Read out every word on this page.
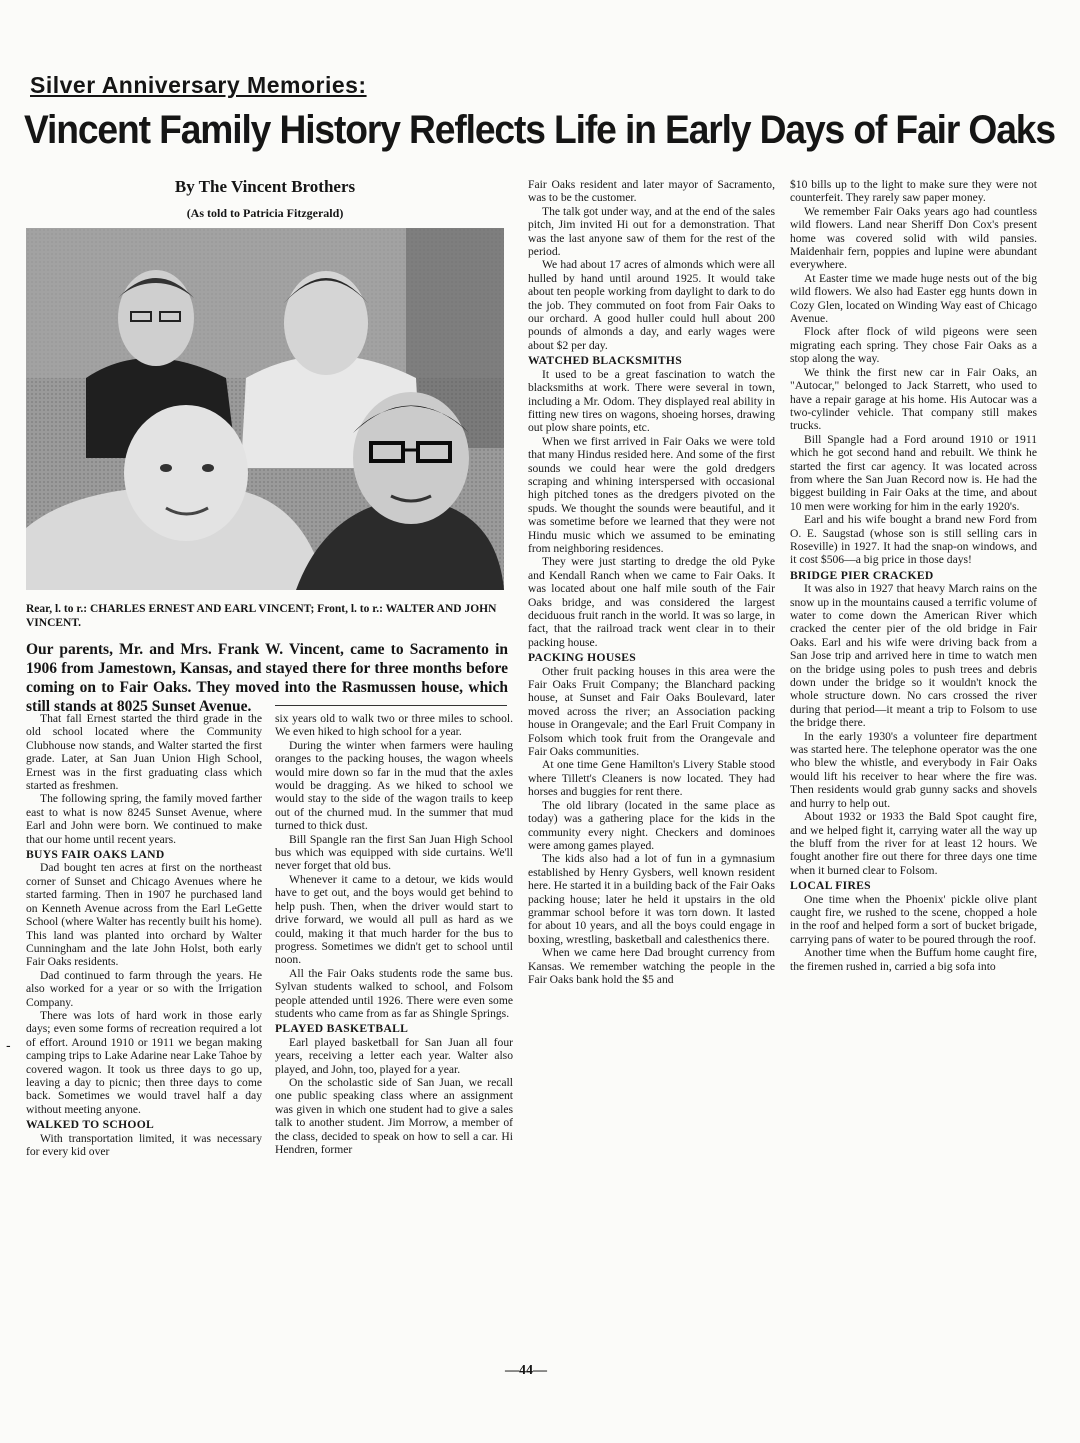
Silver Anniversary Memories:
Vincent Family History Reflects Life in Early Days of Fair Oaks
By The Vincent Brothers
(As told to Patricia Fitzgerald)
Rear, l. to r.: CHARLES ERNEST AND EARL VINCENT; Front, l. to r.: WALTER AND JOHN VINCENT.

Our parents, Mr. and Mrs. Frank W. Vincent, came to Sacramento in 1906 from Jamestown, Kansas, and stayed there for three months before coming on to Fair Oaks. They moved into the Rasmussen house, which still stands at 8025 Sunset Avenue.

That fall Ernest started the third grade in the old school located where the Community Clubhouse now stands, and Walter started the first grade. Later, at San Juan Union High School, Ernest was in the first graduating class which started as freshmen.

The following spring, the family moved farther east to what is now 8245 Sunset Avenue, where Earl and John were born. We continued to make that our home until recent years.

BUYS FAIR OAKS LAND

Dad bought ten acres at first on the northeast corner of Sunset and Chicago Avenues where he started farming. Then in 1907 he purchased land on Kenneth Avenue across from the Earl LeGette School (where Walter has recently built his home). This land was planted into orchard by Walter Cunningham and the late John Holst, both early Fair Oaks residents.

Dad continued to farm through the years. He also worked for a year or so with the Irrigation Company.

There was lots of hard work in those early days; even some forms of recreation required a lot of effort. Around 1910 or 1911 we began making camping trips to Lake Adarine near Lake Tahoe by covered wagon. It took us three days to go up, leaving a day to picnic; then three days to come back. Sometimes we would travel half a day without meeting anyone.

WALKED TO SCHOOL

With transportation limited, it was necessary for every kid over

six years old to walk two or three miles to school. We even hiked to high school for a year.

During the winter when farmers were hauling oranges to the packing houses, the wagon wheels would mire down so far in the mud that the axles would be dragging. As we hiked to school we would stay to the side of the wagon trails to keep out of the churned mud. In the summer that mud turned to thick dust.

Bill Spangle ran the first San Juan High School bus which was equipped with side curtains. We'll never forget that old bus.

Whenever it came to a detour, we kids would have to get out, and the boys would get behind to help push. Then, when the driver would start to drive forward, we would all pull as hard as we could, making it that much harder for the bus to progress. Sometimes we didn't get to school until noon.

All the Fair Oaks students rode the same bus. Sylvan students walked to school, and Folsom people attended until 1926. There were even some students who came from as far as Shingle Springs.

PLAYED BASKETBALL

Earl played basketball for San Juan all four years, receiving a letter each year. Walter also played, and John, too, played for a year.

On the scholastic side of San Juan, we recall one public speaking class where an assignment was given in which one student had to give a sales talk to another student. Jim Morrow, a member of the class, decided to speak on how to sell a car. Hi Hendren, former

Fair Oaks resident and later mayor of Sacramento, was to be the customer.

The talk got under way, and at the end of the sales pitch, Jim invited Hi out for a demonstration. That was the last anyone saw of them for the rest of the period.

We had about 17 acres of almonds which were all hulled by hand until around 1925. It would take about ten people working from daylight to dark to do the job. They commuted on foot from Fair Oaks to our orchard. A good huller could hull about 200 pounds of almonds a day, and early wages were about $2 per day.

WATCHED BLACKSMITHS

It used to be a great fascination to watch the blacksmiths at work. There were several in town, including a Mr. Odom. They displayed real ability in fitting new tires on wagons, shoeing horses, drawing out plow share points, etc.

When we first arrived in Fair Oaks we were told that many Hindus resided here. And some of the first sounds we could hear were the gold dredgers scraping and whining interspersed with occasional high pitched tones as the dredgers pivoted on the spuds. We thought the sounds were beautiful, and it was sometime before we learned that they were not Hindu music which we assumed to be eminating from neighboring residences.

They were just starting to dredge the old Pyke and Kendall Ranch when we came to Fair Oaks. It was located about one half mile south of the Fair Oaks bridge, and was considered the largest deciduous fruit ranch in the world. It was so large, in fact, that the railroad track went clear in to their packing house.

PACKING HOUSES

Other fruit packing houses in this area were the Fair Oaks Fruit Company; the Blanchard packing house, at Sunset and Fair Oaks Boulevard, later moved across the river; an Association packing house in Orangevale; and the Earl Fruit Company in Folsom which took fruit from the Orangevale and Fair Oaks communities.

At one time Gene Hamilton's Livery Stable stood where Tillett's Cleaners is now located. They had horses and buggies for rent there.

The old library (located in the same place as today) was a gathering place for the kids in the community every night. Checkers and dominoes were among games played.

The kids also had a lot of fun in a gymnasium established by Henry Gysbers, well known resident here. He started it in a building back of the Fair Oaks packing house; later he held it upstairs in the old grammar school before it was torn down. It lasted for about 10 years, and all the boys could engage in boxing, wrestling, basketball and calesthenics there.

When we came here Dad brought currency from Kansas. We remember watching the people in the Fair Oaks bank hold the $5 and

$10 bills up to the light to make sure they were not counterfeit. They rarely saw paper money.

We remember Fair Oaks years ago had countless wild flowers. Land near Sheriff Don Cox's present home was covered solid with wild pansies. Maidenhair fern, poppies and lupine were abundant everywhere.

At Easter time we made huge nests out of the big wild flowers. We also had Easter egg hunts down in Cozy Glen, located on Winding Way east of Chicago Avenue.

Flock after flock of wild pigeons were seen migrating each spring. They chose Fair Oaks as a stop along the way.

We think the first new car in Fair Oaks, an "Autocar," belonged to Jack Starrett, who used to have a repair garage at his home. His Autocar was a two-cylinder vehicle. That company still makes trucks.

Bill Spangle had a Ford around 1910 or 1911 which he got second hand and rebuilt. We think he started the first car agency. It was located across from where the San Juan Record now is. He had the biggest building in Fair Oaks at the time, and about 10 men were working for him in the early 1920's.

Earl and his wife bought a brand new Ford from O. E. Saugstad (whose son is still selling cars in Roseville) in 1927. It had the snap-on windows, and it cost $506—a big price in those days!

BRIDGE PIER CRACKED

It was also in 1927 that heavy March rains on the snow up in the mountains caused a terrific volume of water to come down the American River which cracked the center pier of the old bridge in Fair Oaks. Earl and his wife were driving back from a San Jose trip and arrived here in time to watch men on the bridge using poles to push trees and debris down under the bridge so it wouldn't knock the whole structure down. No cars crossed the river during that period—it meant a trip to Folsom to use the bridge there.

In the early 1930's a volunteer fire department was started here. The telephone operator was the one who blew the whistle, and everybody in Fair Oaks would lift his receiver to hear where the fire was. Then residents would grab gunny sacks and shovels and hurry to help out.

About 1932 or 1933 the Bald Spot caught fire, and we helped fight it, carrying water all the way up the bluff from the river for at least 12 hours. We fought another fire out there for three days one time when it burned clear to Folsom.

LOCAL FIRES

One time when the Phoenix' pickle olive plant caught fire, we rushed to the scene, chopped a hole in the roof and helped form a sort of bucket brigade, carrying pans of water to be poured through the roof.

Another time when the Buffum home caught fire, the firemen rushed in, carried a big sofa into

-
—44—
